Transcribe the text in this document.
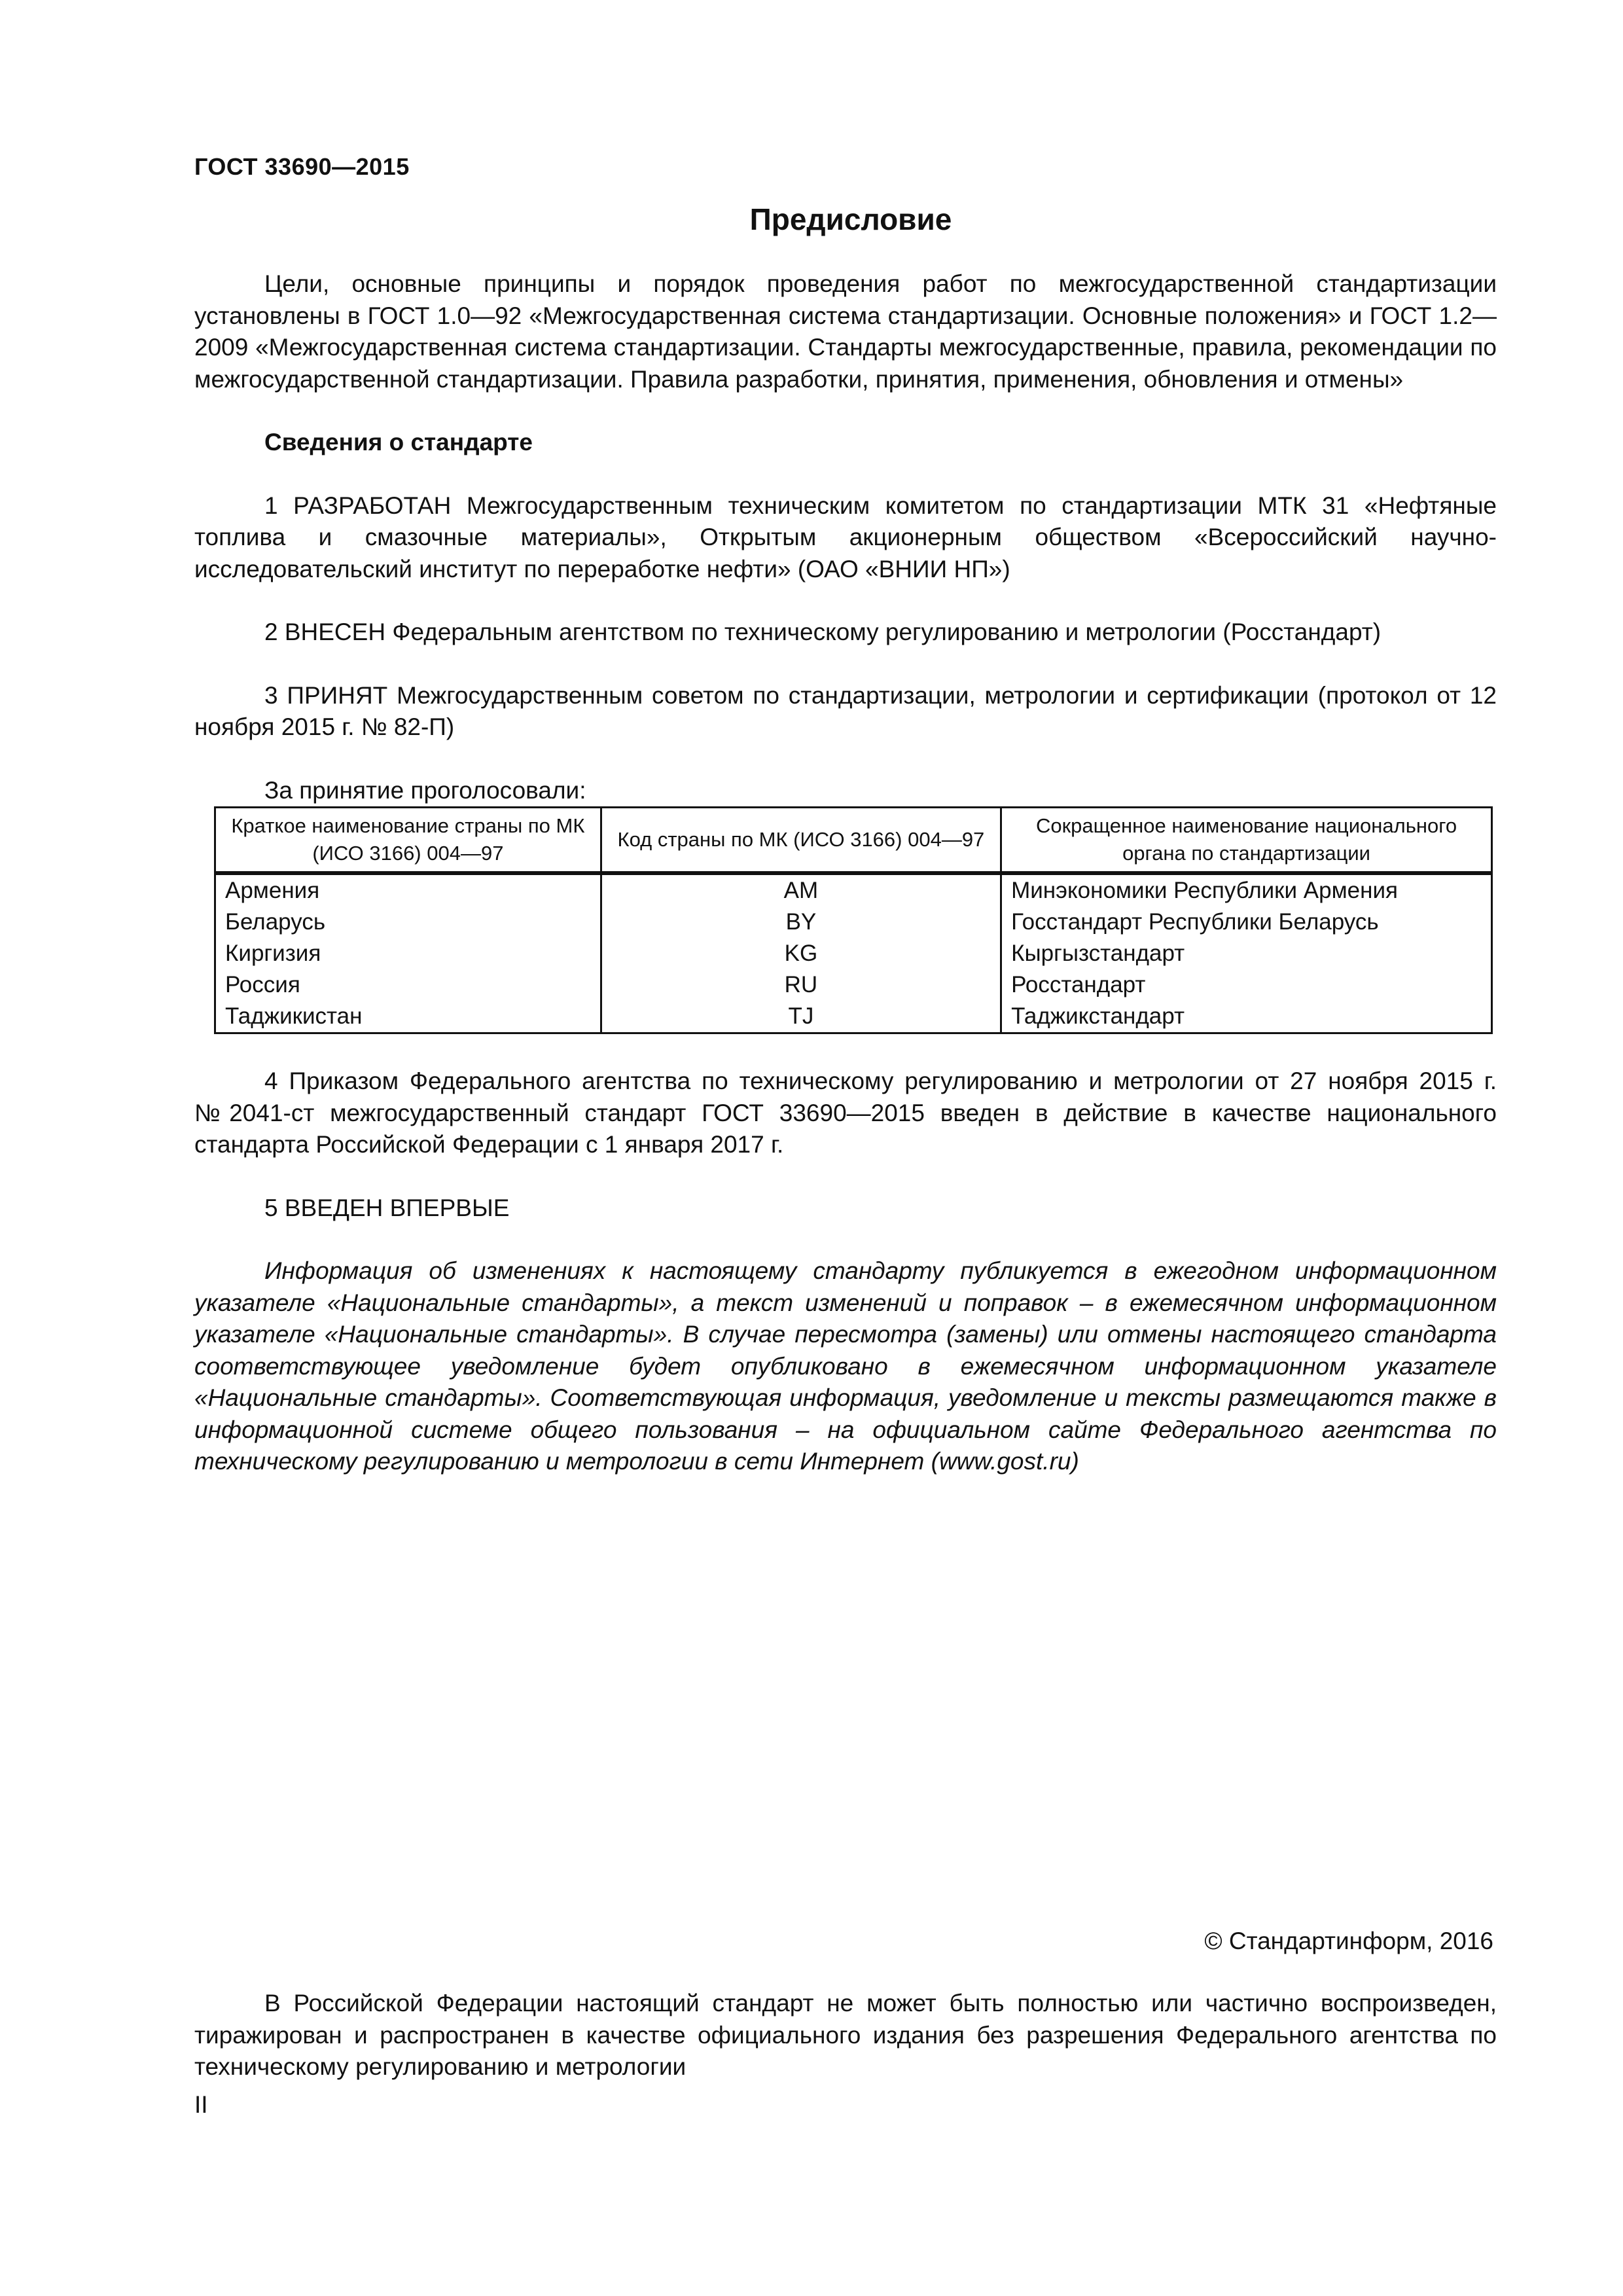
ГОСТ 33690—2015
Предисловие

Цели, основные принципы и порядок проведения работ по межгосударственной стандартизации установлены в ГОСТ 1.0—92 «Межгосударственная система стандартизации. Основные положения» и ГОСТ 1.2—2009 «Межгосударственная система стандартизации. Стандарты межгосударственные, правила, рекомендации по межгосударственной стандартизации. Правила разработки, принятия, применения, обновления и отмены»

Сведения о стандарте

1 РАЗРАБОТАН Межгосударственным техническим комитетом по стандартизации МТК 31 «Нефтяные топлива и смазочные материалы», Открытым акционерным обществом «Всероссийский научно-исследовательский институт по переработке нефти» (ОАО «ВНИИ НП»)

2 ВНЕСЕН Федеральным агентством по техническому регулированию и метрологии (Росстандарт)

3 ПРИНЯТ Межгосударственным советом по стандартизации, метрологии и сертификации (протокол от 12 ноября 2015 г. № 82-П)

За принятие проголосовали:

Краткое наименование страны по МК (ИСО 3166) 004—97	Код страны по МК (ИСО 3166) 004—97	Сокращенное наименование национального органа по стандартизации
Армения	AM	Минэкономики Республики Армения
Беларусь	BY	Госстандарт Республики Беларусь
Киргизия	KG	Кыргызстандарт
Россия	RU	Росстандарт
Таджикистан	TJ	Таджикстандарт

4 Приказом Федерального агентства по техническому регулированию и метрологии от 27 ноября 2015 г. №2041-ст межгосударственный стандарт ГОСТ 33690—2015 введен в действие в качестве национального стандарта Российской Федерации с 1 января 2017 г.

5 ВВЕДЕН ВПЕРВЫЕ

Информация об изменениях к настоящему стандарту публикуется в ежегодном информационном указателе «Национальные стандарты», а текст изменений и поправок – в ежемесячном информационном указателе «Национальные стандарты». В случае пересмотра (замены) или отмены настоящего стандарта соответствующее уведомление будет опубликовано в ежемесячном информационном указателе «Национальные стандарты». Соответствующая информация, уведомление и тексты размещаются также в информационной системе общего пользования – на официальном сайте Федерального агентства по техническому регулированию и метрологии в сети Интернет (www.gost.ru)

© Стандартинформ, 2016

В Российской Федерации настоящий стандарт не может быть полностью или частично воспроизведен, тиражирован и распространен в качестве официального издания без разрешения Федерального агентства по техническому регулированию и метрологии

II
